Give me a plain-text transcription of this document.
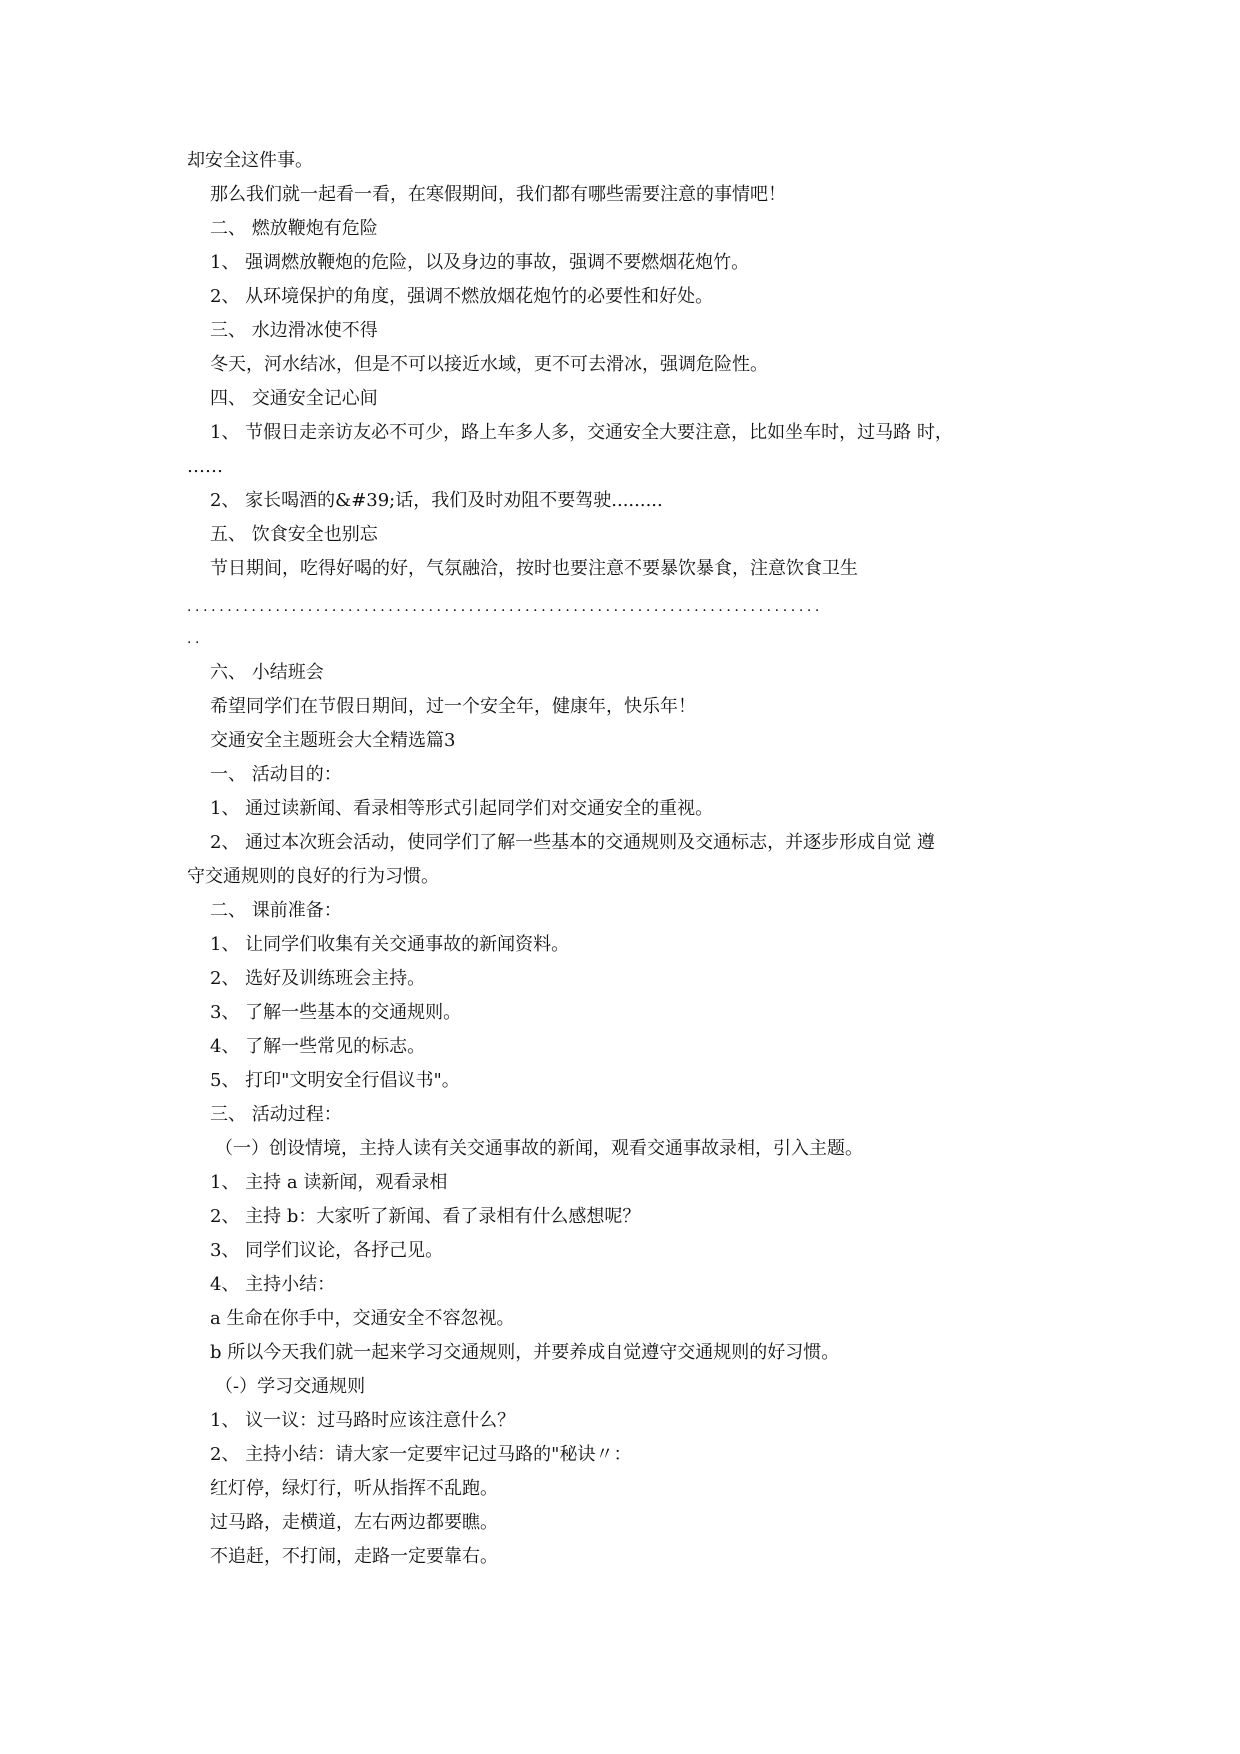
却安全这件事。
那么我们就一起看一看，在寒假期间，我们都有哪些需要注意的事情吧！
二、 燃放鞭炮有危险
1、 强调燃放鞭炮的危险，以及身边的事故，强调不要燃烟花炮竹。
2、 从环境保护的角度，强调不燃放烟花炮竹的必要性和好处。
三、 水边滑冰使不得
冬天，河水结冰，但是不可以接近水域，更不可去滑冰，强调危险性。
四、 交通安全记心间
1、 节假日走亲访友必不可少，路上车多人多，交通安全大要注意，比如坐车时，过马路 时，
……
2、 家长喝酒的&#39;话，我们及时劝阻不要驾驶.........
五、 饮食安全也别忘
节日期间，吃得好喝的好，气氛融洽，按时也要注意不要暴饮暴食，注意饮食卫生
...............................................................................
..
六、 小结班会
希望同学们在节假日期间，过一个安全年，健康年，快乐年！
交通安全主题班会大全精选篇3
一、 活动目的：
1、 通过读新闻、看录相等形式引起同学们对交通安全的重视。
2、 通过本次班会活动，使同学们了解一些基本的交通规则及交通标志，并逐步形成自觉 遵
守交通规则的良好的行为习惯。
二、 课前准备：
1、 让同学们收集有关交通事故的新闻资料。
2、 选好及训练班会主持。
3、 了解一些基本的交通规则。
4、 了解一些常见的标志。
5、 打印"文明安全行倡议书"。
三、 活动过程：
（一）创设情境，主持人读有关交通事故的新闻，观看交通事故录相，引入主题。
1、 主持 a 读新闻，观看录相
2、 主持 b：大家听了新闻、看了录相有什么感想呢？
3、 同学们议论，各抒己见。
4、 主持小结：
a 生命在你手中，交通安全不容忽视。
b 所以今天我们就一起来学习交通规则，并要养成自觉遵守交通规则的好习惯。
（-）学习交通规则
1、 议一议：过马路时应该注意什么？
2、 主持小结：请大家一定要牢记过马路的"秘诀〃：
红灯停，绿灯行，听从指挥不乱跑。
过马路，走横道，左右两边都要瞧。
不追赶，不打闹，走路一定要靠右。
